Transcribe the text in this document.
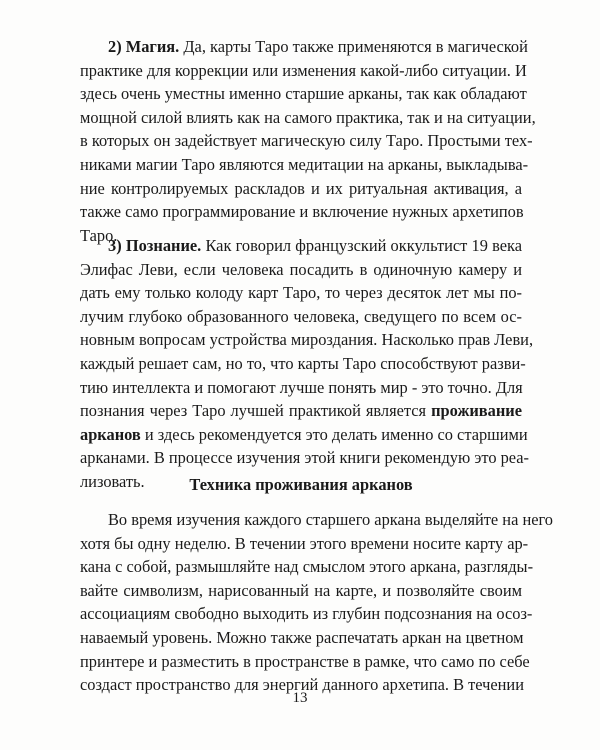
2) Магия. Да, карты Таро также применяются в магической
практике для коррекции или изменения какой-либо ситуации. И
здесь очень уместны именно старшие арканы, так как обладают
мощной силой влиять как на самого практика, так и на ситуации,
в которых он задействует магическую силу Таро. Простыми тех-
никами магии Таро являются медитации на арканы, выкладыва-
ние контролируемых раскладов и их ритуальная активация, а
также само программирование и включение нужных архетипов
Таро.
3) Познание. Как говорил французский оккультист 19 века
Элифас Леви, если человека посадить в одиночную камеру и
дать ему только колоду карт Таро, то через десяток лет мы по-
лучим глубоко образованного человека, сведущего по всем ос-
новным вопросам устройства мироздания. Насколько прав Леви,
каждый решает сам, но то, что карты Таро способствуют разви-
тию интеллекта и помогают лучше понять мир - это точно. Для
познания через Таро лучшей практикой является проживание
арканов и здесь рекомендуется это делать именно со старшими
арканами. В процессе изучения этой книги рекомендую это реа-
лизовать.	Техника проживания арканов
Во время изучения каждого старшего аркана выделяйте на него
хотя бы одну неделю. В течении этого времени носите карту ар-
кана с собой, размышляйте над смыслом этого аркана, разгляды-
вайте символизм, нарисованный на карте, и позволяйте своим
ассоциациям свободно выходить из глубин подсознания на осоз-
наваемый уровень. Можно также распечатать аркан на цветном
принтере и разместить в пространстве в рамке, что само по себе
создаст пространство для энергий данного архетипа. В течении
13
